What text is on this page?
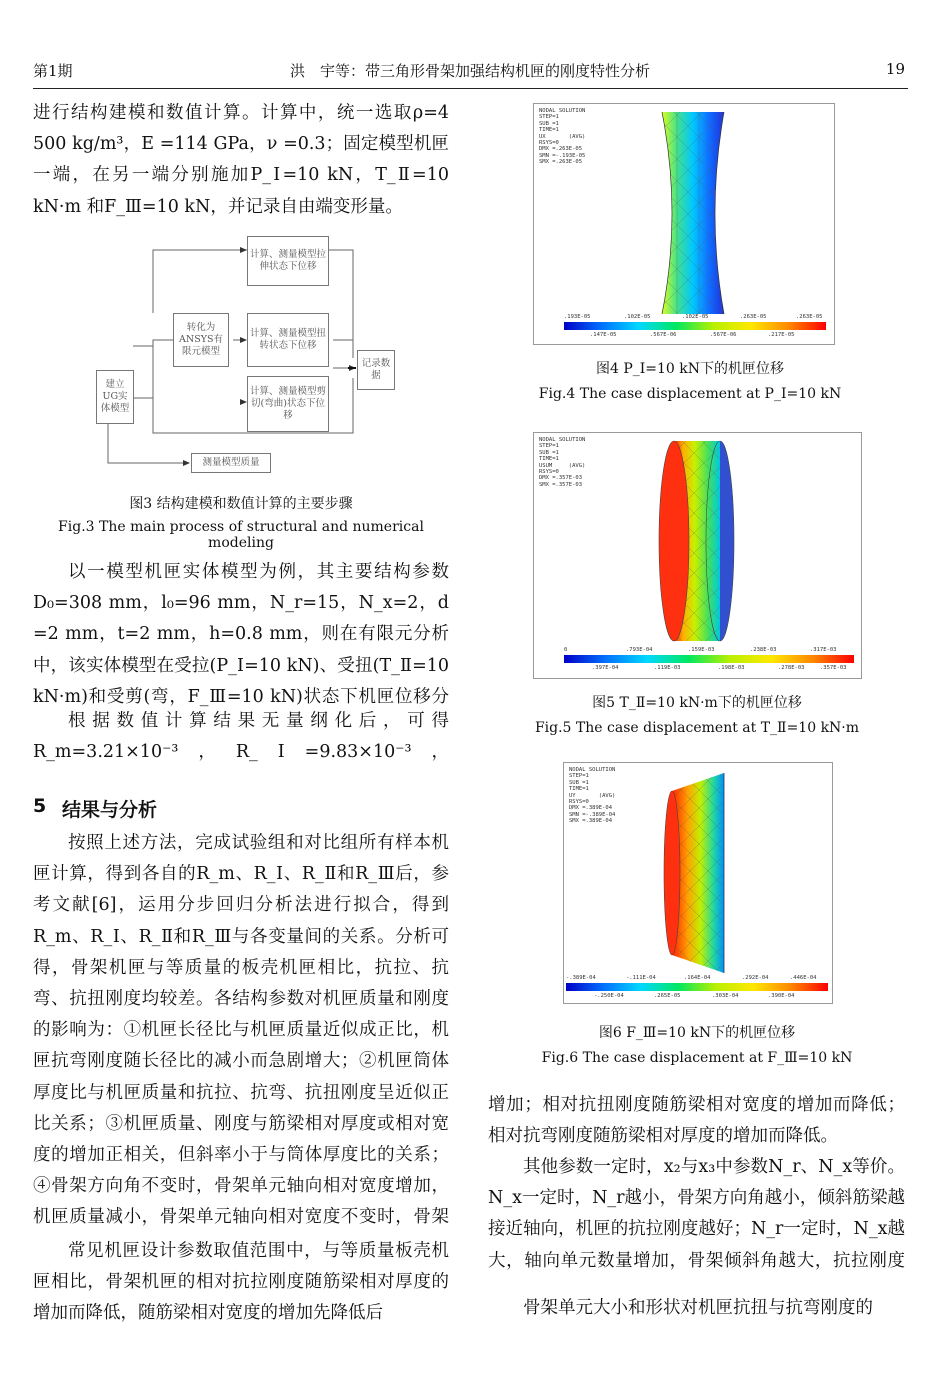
第1期	洪　宇等：带三角形骨架加强结构机匣的刚度特性分析	19
进行结构建模和数值计算。计算中，统一选取ρ=4 500 kg/m³，E =114 GPa，ν =0.3；固定模型机匣一端，在另一端分别施加P_Ⅰ=10 kN，T_Ⅱ=10 kN·m 和F_Ⅲ=10 kN，并记录自由端变形量。
建立UG实体模型
转化为ANSYS有限元模型
计算、测量模型拉伸状态下位移
计算、测量模型扭转状态下位移
计算、测量模型剪切(弯曲)状态下位移
记录数据
测量模型质量
图3 结构建模和数值计算的主要步骤
Fig.3 The main process of structural and numerical modeling
以一模型机匣实体模型为例，其主要结构参数D₀=308 mm，l₀=96 mm，N_r=15，N_x=2，d =2 mm，t=2 mm，h=0.8 mm，则在有限元分析中，该实体模型在受拉(P_Ⅰ=10 kN)、受扭(T_Ⅱ=10 kN·m)和受剪(弯，F_Ⅲ=10 kN)状态下机匣位移分
根据数值计算结果无量纲化后，可得R_m=3.21×10⁻³，R_Ⅰ=9.83×10⁻³，
5 结果与分析
按照上述方法，完成试验组和对比组所有样本机匣计算，得到各自的R_m、R_Ⅰ、R_Ⅱ和R_Ⅲ后，参考文献[6]，运用分步回归分析法进行拟合，得到R_m、R_Ⅰ、R_Ⅱ和R_Ⅲ与各变量间的关系。分析可得，骨架机匣与等质量的板壳机匣相比，抗拉、抗弯、抗扭刚度均较差。各结构参数对机匣质量和刚度的影响为：①机匣长径比与机匣质量近似成正比，机匣抗弯刚度随长径比的减小而急剧增大；②机匣筒体厚度比与机匣质量和抗拉、抗弯、抗扭刚度呈近似正比关系；③机匣质量、刚度与筋梁相对厚度或相对宽度的增加正相关，但斜率小于与筒体厚度比的关系；④骨架方向角不变时，骨架单元轴向相对宽度增加，机匣质量减小，骨架单元轴向相对宽度不变时，骨架
常见机匣设计参数取值范围中，与等质量板壳机匣相比，骨架机匣的相对抗拉刚度随筋梁相对厚度的增加而降低，随筋梁相对宽度的增加先降低后
NODAL SOLUTION
STEP=1
SUB =1
TIME=1
UX       (AVG)
RSYS=0
DMX =.263E-05
SMN =-.193E-05
SMX =.263E-05
.193E-05	.102E-05	.102E-05	.263E-05	.263E-05
.147E-05	.567E-06	.567E-06	.217E-05
图4 P_Ⅰ=10 kN下的机匣位移
Fig.4 The case displacement at P_Ⅰ=10 kN
NODAL SOLUTION
STEP=1
SUB =1
TIME=1
USUM     (AVG)
RSYS=0
DMX =.357E-03
SMX =.357E-03
0	.793E-04	.159E-03	.238E-03	.317E-03
.397E-04	.119E-03	.198E-03	.278E-03	.357E-03
图5 T_Ⅱ=10 kN·m下的机匣位移
Fig.5 The case displacement at T_Ⅱ=10 kN·m
NODAL SOLUTION
STEP=1
SUB =1
TIME=1
UY       (AVG)
RSYS=0
DMX =.389E-04
SMN =-.389E-04
SMX =.389E-04
-.389E-04	-.111E-04	.164E-04	.292E-04	.446E-04
-.250E-04	.265E-05	.303E-04	.390E-04
图6 F_Ⅲ=10 kN下的机匣位移
Fig.6 The case displacement at F_Ⅲ=10 kN
增加；相对抗扭刚度随筋梁相对宽度的增加而降低；相对抗弯刚度随筋梁相对厚度的增加而降低。
其他参数一定时，x₂与x₃中参数N_r、N_x等价。N_x一定时，N_r越小，骨架方向角越小，倾斜筋梁越接近轴向，机匣的抗拉刚度越好；N_r一定时，N_x越大，轴向单元数量增加，骨架倾斜角越大，抗拉刚度
骨架单元大小和形状对机匣抗扭与抗弯刚度的
